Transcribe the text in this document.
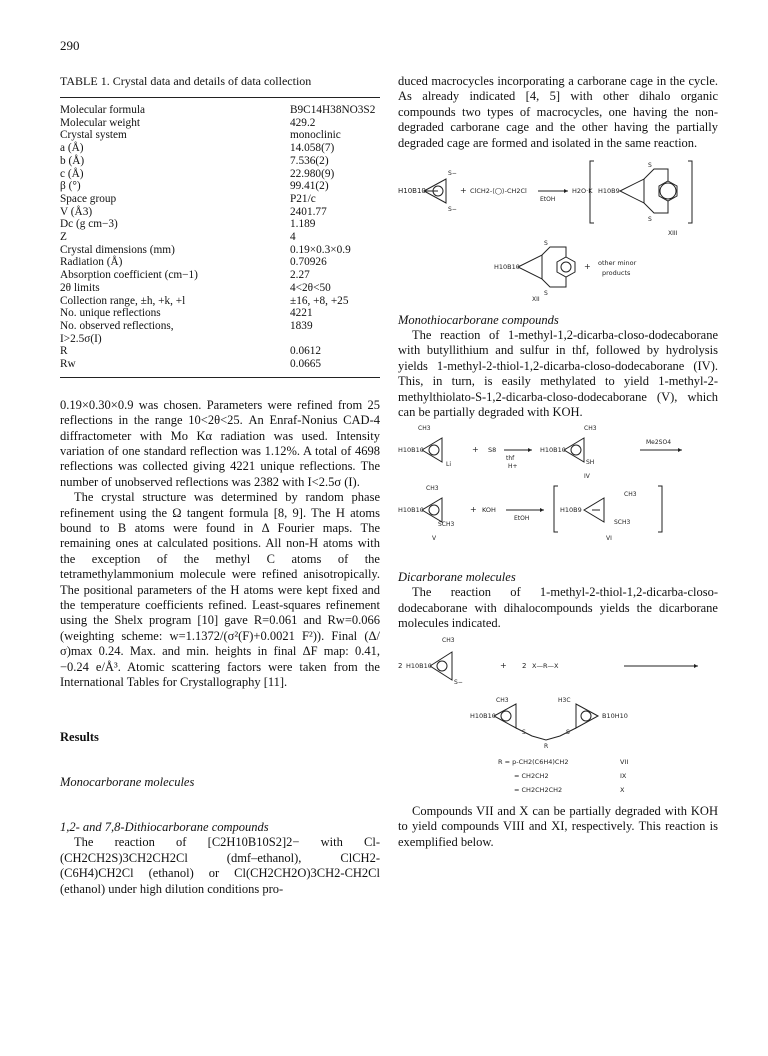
290
TABLE 1. Crystal data and details of data collection
Molecular formula	B9C14H38NO3S2
Molecular weight	429.2
Crystal system	monoclinic
a (Å)	14.058(7)
b (Å)	7.536(2)
c (Å)	22.980(9)
β (°)	99.41(2)
Space group	P21/c
V (Å3)	2401.77
Dc (g cm−3)	1.189
Z	4
Crystal dimensions (mm)	0.19×0.3×0.9
Radiation (Å)	0.70926
Absorption coefficient (cm−1)	2.27
2θ limits	4<2θ<50
Collection range, ±h, +k, +l	±16, +8, +25
No. unique reflections	4221
No. observed reflections,	1839
I>2.5σ(I)	
R	0.0612
Rw	0.0665

0.19×0.30×0.9 was chosen. Parameters were refined from 25 reflections in the range 10<2θ<25. An Enraf-Nonius CAD-4 diffractometer with Mo Kα radiation was used. Intensity variation of one standard reflection was 1.12%. A total of 4698 reflections was collected giving 4221 unique reflections. The number of unobserved reflections was 2382 with I<2.5σ (I).

The crystal structure was determined by random phase refinement using the Ω tangent formula [8, 9]. The H atoms bound to B atoms were found in Δ Fourier maps. The remaining ones at calculated positions. All non-H atoms with the exception of the methyl C atoms of the tetramethylammonium molecule were refined anisotropically. The positional parameters of the H atoms were kept fixed and the temperature coefficients refined. Least-squares refinement using the Shelx program [10] gave R=0.061 and Rw=0.066 (weighting scheme: w=1.1372/(σ²(F)+0.0021 F²)). Final (Δ/σ)max 0.24. Max. and min. heights in final ΔF map: 0.41, −0.24 e/Å³. Atomic scattering factors were taken from the International Tables for Crystallography [11].

Results

Monocarborane molecules

1,2- and 7,8-Dithiocarborane compounds

The reaction of [C2H10B10S2]2− with Cl-(CH2CH2S)3CH2CH2Cl (dmf–ethanol), ClCH2-(C6H4)CH2Cl (ethanol) or Cl(CH2CH2O)3CH2-CH2Cl (ethanol) under high dilution conditions pro-

duced macrocycles incorporating a carborane cage in the cycle. As already indicated [4, 5] with other dihalo organic compounds two types of macrocycles, one having the non-degraded carborane cage and the other having the partially degraded cage are formed and isolated in the same reaction.

H10B10
S−
S−
+ ClCH2-⟨◯⟩-CH2Cl
EtOH
H2O·K H10B9
S
S
XIII
H10B10
S
S
+ other minor
products
XII

Monothiocarborane compounds

The reaction of 1-methyl-1,2-dicarba-closo-dodecaborane with butyllithium and sulfur in thf, followed by hydrolysis yields 1-methyl-2-thiol-1,2-dicarba-closo-dodecaborane (IV). This, in turn, is easily methylated to yield 1-methyl-2-methylthiolato-S-1,2-dicarba-closo-dodecaborane (V), which can be partially degraded with KOH.

CH3
H10B10
Li
+ S8
thf
H+
CH3
H10B10
SH
IV
Me2SO4
CH3
H10B10
SCH3
+ KOH
EtOH
H10B9
CH3
SCH3
V	VI

Dicarborane molecules

The reaction of 1-methyl-2-thiol-1,2-dicarba-closo-dodecaborane with dihalocompounds yields the dicarborane molecules indicated.

CH3
2 H10B10
S−
+ 2 X—R—X
CH3	H3C
H10B10	B10H10
S	S
R
R = p-CH2(C6H4)CH2	VII
= CH2CH2	IX
= CH2CH2CH2	X

Compounds VII and X can be partially degraded with KOH to yield compounds VIII and XI, respectively. This reaction is exemplified below.
